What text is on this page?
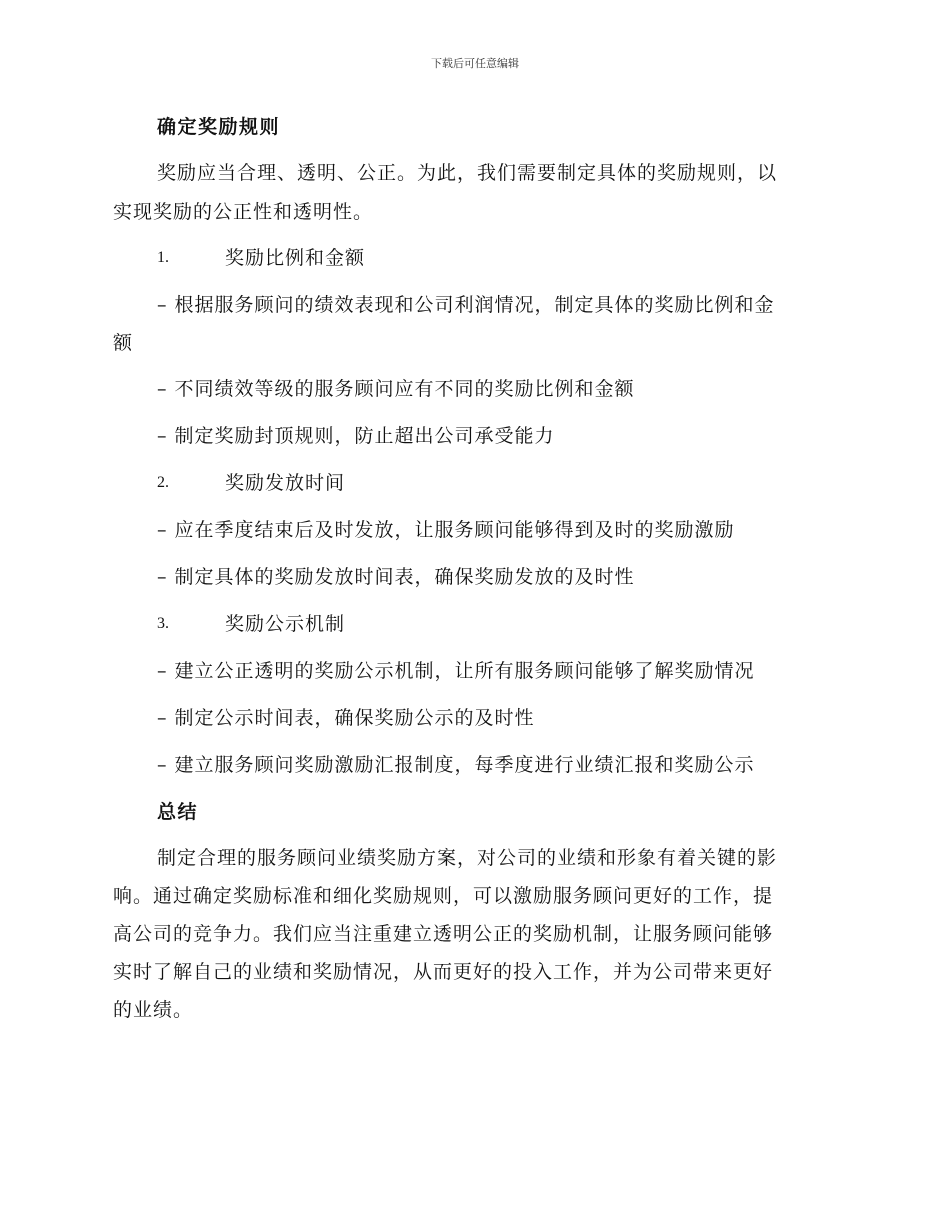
下载后可任意编辑
确定奖励规则
奖励应当合理、透明、公正。为此，我们需要制定具体的奖励规则，以
实现奖励的公正性和透明性。
1.	奖励比例和金额
– 根据服务顾问的绩效表现和公司利润情况，制定具体的奖励比例和金
额
– 不同绩效等级的服务顾问应有不同的奖励比例和金额
– 制定奖励封顶规则，防止超出公司承受能力
2.	奖励发放时间
– 应在季度结束后及时发放，让服务顾问能够得到及时的奖励激励
– 制定具体的奖励发放时间表，确保奖励发放的及时性
3.	奖励公示机制
– 建立公正透明的奖励公示机制，让所有服务顾问能够了解奖励情况
– 制定公示时间表，确保奖励公示的及时性
– 建立服务顾问奖励激励汇报制度，每季度进行业绩汇报和奖励公示
总结
制定合理的服务顾问业绩奖励方案，对公司的业绩和形象有着关键的影
响。通过确定奖励标准和细化奖励规则，可以激励服务顾问更好的工作，提
高公司的竞争力。我们应当注重建立透明公正的奖励机制，让服务顾问能够
实时了解自己的业绩和奖励情况，从而更好的投入工作，并为公司带来更好
的业绩。
